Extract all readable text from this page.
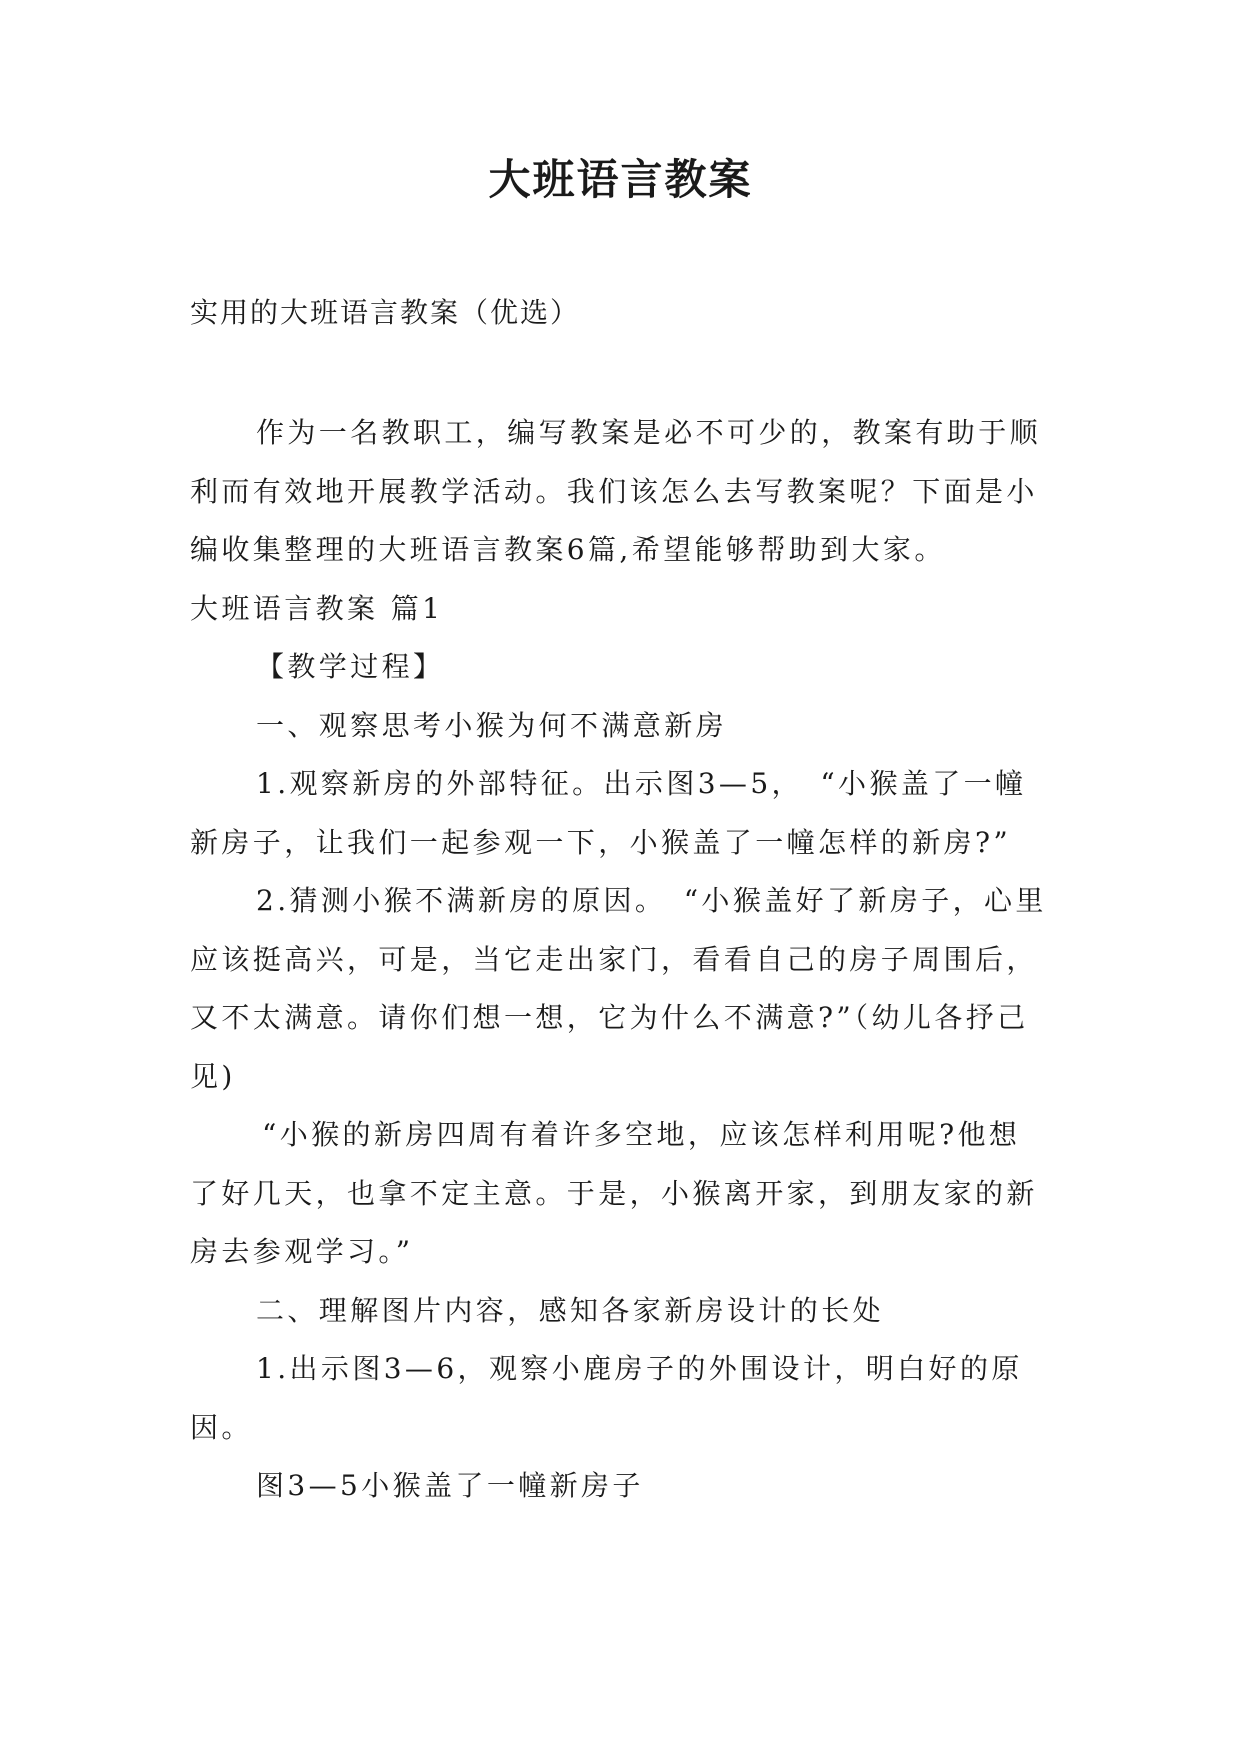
大班语言教案
实用的大班语言教案（优选）

作为一名教职工，编写教案是必不可少的，教案有助于顺利而有效地开展教学活动。我们该怎么去写教案呢？下面是小编收集整理的大班语言教案6篇,希望能够帮助到大家。

大班语言教案 篇1

【教学过程】

一、观察思考小猴为何不满意新房

1.观察新房的外部特征。出示图3—5，　“小猴盖了一幢新房子，让我们一起参观一下，小猴盖了一幢怎样的新房?”

2.猜测小猴不满新房的原因。　“小猴盖好了新房子，心里应该挺高兴，可是，当它走出家门，看看自己的房子周围后，又不太满意。请你们想一想，它为什么不满意?”（幼儿各抒己见)

“小猴的新房四周有着许多空地，应该怎样利用呢?他想了好几天，也拿不定主意。于是，小猴离开家，到朋友家的新房去参观学习。”

二、理解图片内容，感知各家新房设计的长处

1.出示图3—6，观察小鹿房子的外围设计，明白好的原因。

图3—5小猴盖了一幢新房子
